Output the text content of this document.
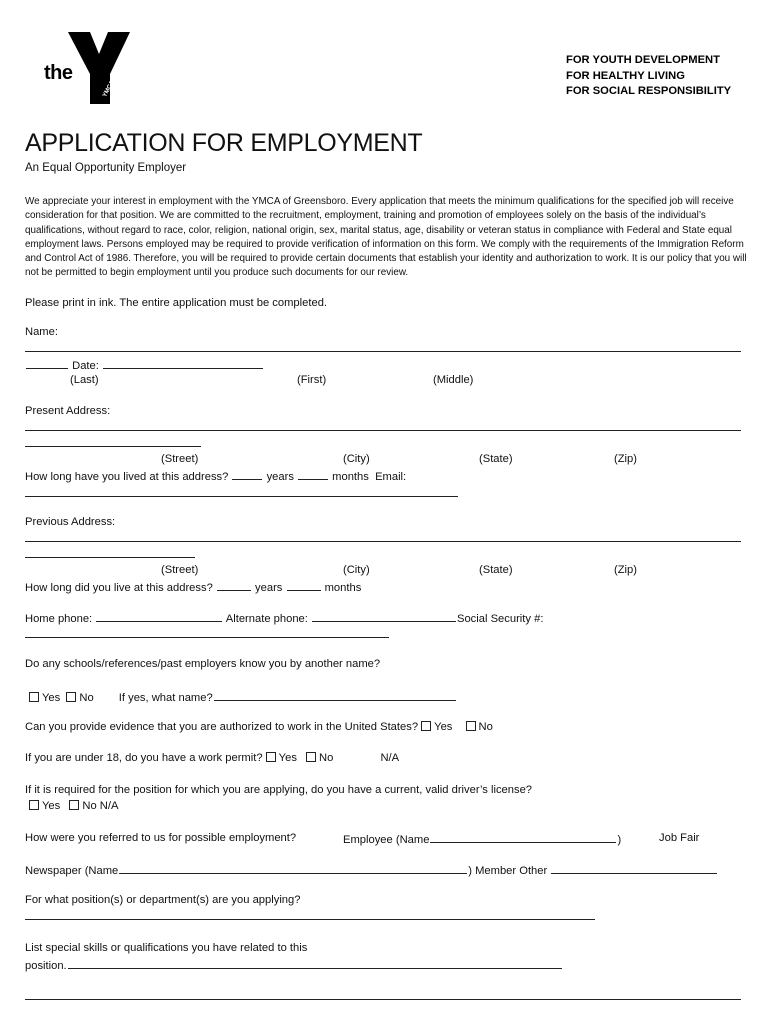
the
YMCA
FOR YOUTH DEVELOPMENT
FOR HEALTHY LIVING
FOR SOCIAL RESPONSIBILITY
APPLICATION FOR EMPLOYMENT
An Equal Opportunity Employer
We appreciate your interest in employment with the YMCA of Greensboro. Every application that meets the minimum qualifications for the specified job will receive consideration for that position. We are committed to the recruitment, employment, training and promotion of employees solely on the basis of the individual’s qualifications, without regard to race, color, religion, national origin, sex, marital status, age, disability or veteran status in compliance with Federal and State equal employment laws. Persons employed may be required to provide verification of information on this form. We comply with the requirements of the Immigration Reform and Control Act of 1986. Therefore, you will be required to provide certain documents that establish your identity and authorization to work. It is our policy that you will not be permitted to begin employment until you produce such documents for our review.
Please print in ink. The entire application must be completed.
Name:
Date:
(Last)	(First)	(Middle)
Present Address:
(Street)	(City)	(State)	(Zip)
How long have you lived at this address?	years	months Email:
Previous Address:
(Street)	(City)	(State)	(Zip)
How long did you live at this address?	years	months
Home phone:	Alternate phone:	Social Security #:
Do any schools/references/past employers know you by another name?
Yes No If yes, what name?
Can you provide evidence that you are authorized to work in the United States? Yes No
If you are under 18, do you have a work permit? Yes No	N/A
If it is required for the position for which you are applying, do you have a current, valid driver’s license?
Yes No N/A
How were you referred to us for possible employment?	Employee (Name	)	Job Fair
Newspaper (Name	) Member Other
For what position(s) or department(s) are you applying?
List special skills or qualifications you have related to this
position.
